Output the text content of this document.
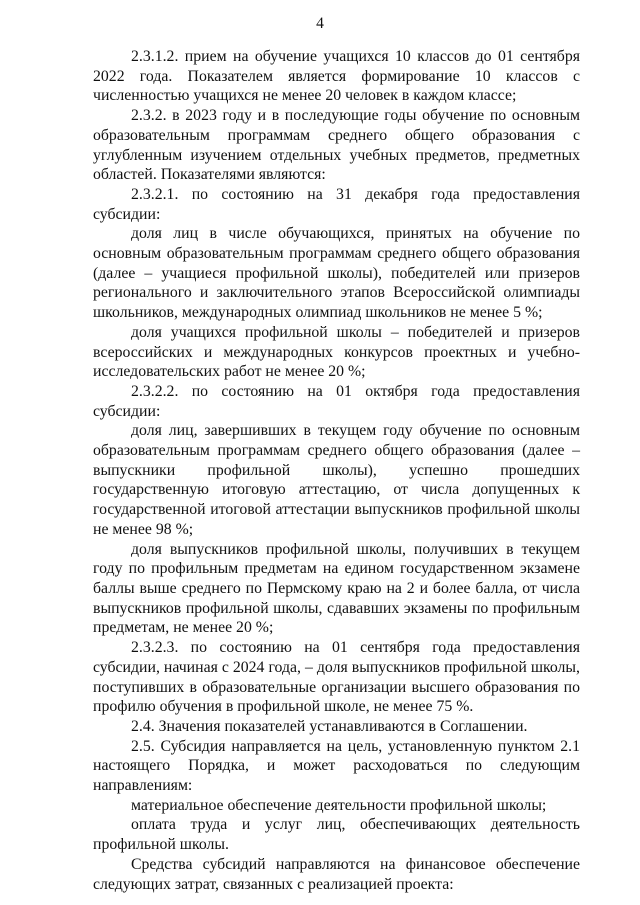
4

2.3.1.2. прием на обучение учащихся 10 классов до 01 сентября 2022 года. Показателем является формирование 10 классов с численностью учащихся не менее 20 человек в каждом классе;

2.3.2. в 2023 году и в последующие годы обучение по основным образовательным программам среднего общего образования с углубленным изучением отдельных учебных предметов, предметных областей. Показателями являются:

2.3.2.1. по состоянию на 31 декабря года предоставления субсидии:

доля лиц в числе обучающихся, принятых на обучение по основным образовательным программам среднего общего образования (далее – учащиеся профильной школы), победителей или призеров регионального и заключительного этапов Всероссийской олимпиады школьников, международных олимпиад школьников не менее 5 %;

доля учащихся профильной школы – победителей и призеров всероссийских и международных конкурсов проектных и учебно-исследовательских работ не менее 20 %;

2.3.2.2. по состоянию на 01 октября года предоставления субсидии:

доля лиц, завершивших в текущем году обучение по основным образовательным программам среднего общего образования (далее – выпускники профильной школы), успешно прошедших государственную итоговую аттестацию, от числа допущенных к государственной итоговой аттестации выпускников профильной школы не менее 98 %;

доля выпускников профильной школы, получивших в текущем году по профильным предметам на едином государственном экзамене баллы выше среднего по Пермскому краю на 2 и более балла, от числа выпускников профильной школы, сдававших экзамены по профильным предметам, не менее 20 %;

2.3.2.3. по состоянию на 01 сентября года предоставления субсидии, начиная с 2024 года, – доля выпускников профильной школы, поступивших в образовательные организации высшего образования по профилю обучения в профильной школе, не менее 75 %.

2.4. Значения показателей устанавливаются в Соглашении.

2.5. Субсидия направляется на цель, установленную пунктом 2.1 настоящего Порядка, и может расходоваться по следующим направлениям:

материальное обеспечение деятельности профильной школы;

оплата труда и услуг лиц, обеспечивающих деятельность профильной школы.

Средства субсидий направляются на финансовое обеспечение следующих затрат, связанных с реализацией проекта:
